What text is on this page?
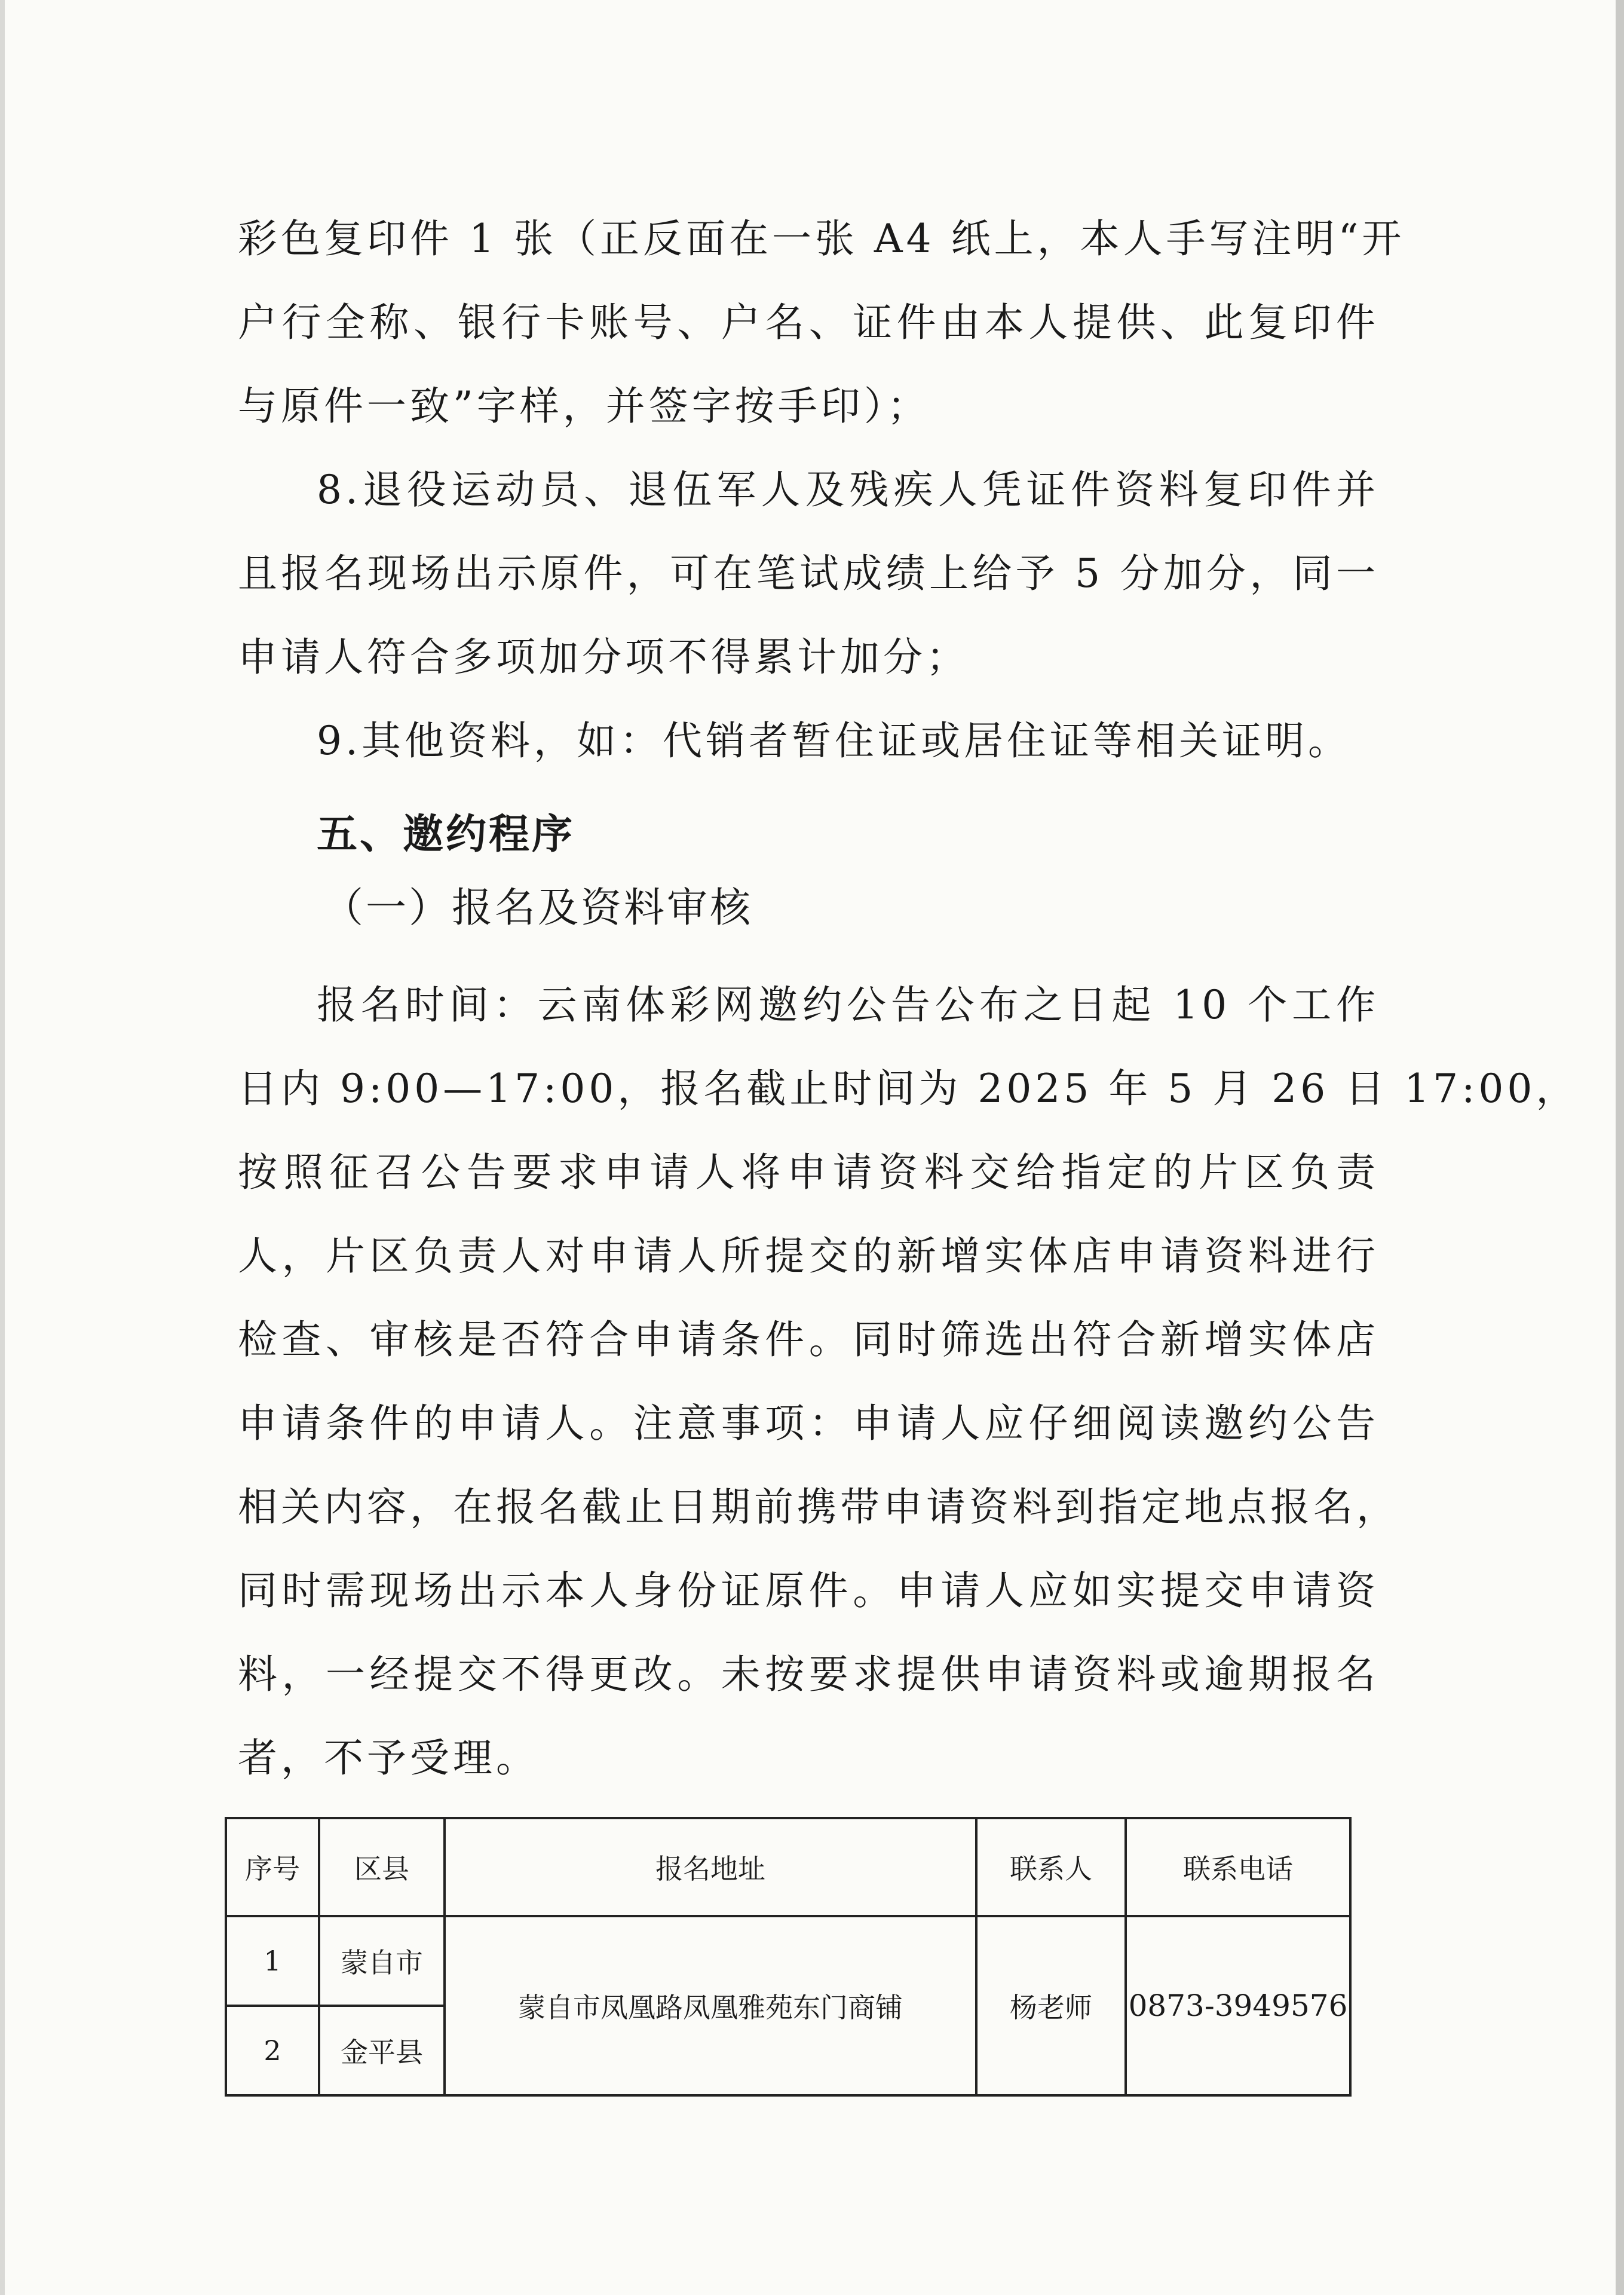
彩色复印件 1 张（正反面在一张 A4 纸上，本人手写注明“开
户行全称、银行卡账号、户名、证件由本人提供、此复印件
与原件一致”字样，并签字按手印）；
8.退役运动员、退伍军人及残疾人凭证件资料复印件并
且报名现场出示原件，可在笔试成绩上给予 5 分加分，同一
申请人符合多项加分项不得累计加分；
9.其他资料，如：代销者暂住证或居住证等相关证明。
五、邀约程序
（一）报名及资料审核
报名时间：云南体彩网邀约公告公布之日起 10 个工作
日内 9:00—17:00，报名截止时间为 2025 年 5 月 26 日 17:00，
按照征召公告要求申请人将申请资料交给指定的片区负责
人，片区负责人对申请人所提交的新增实体店申请资料进行
检查、审核是否符合申请条件。同时筛选出符合新增实体店
申请条件的申请人。注意事项：申请人应仔细阅读邀约公告
相关内容，在报名截止日期前携带申请资料到指定地点报名，
同时需现场出示本人身份证原件。申请人应如实提交申请资
料，一经提交不得更改。未按要求提供申请资料或逾期报名
者，不予受理。
序号	区县	报名地址	联系人	联系电话
1	蒙自市	蒙自市凤凰路凤凰雅苑东门商铺	杨老师	0873-3949576
2	金平县			
